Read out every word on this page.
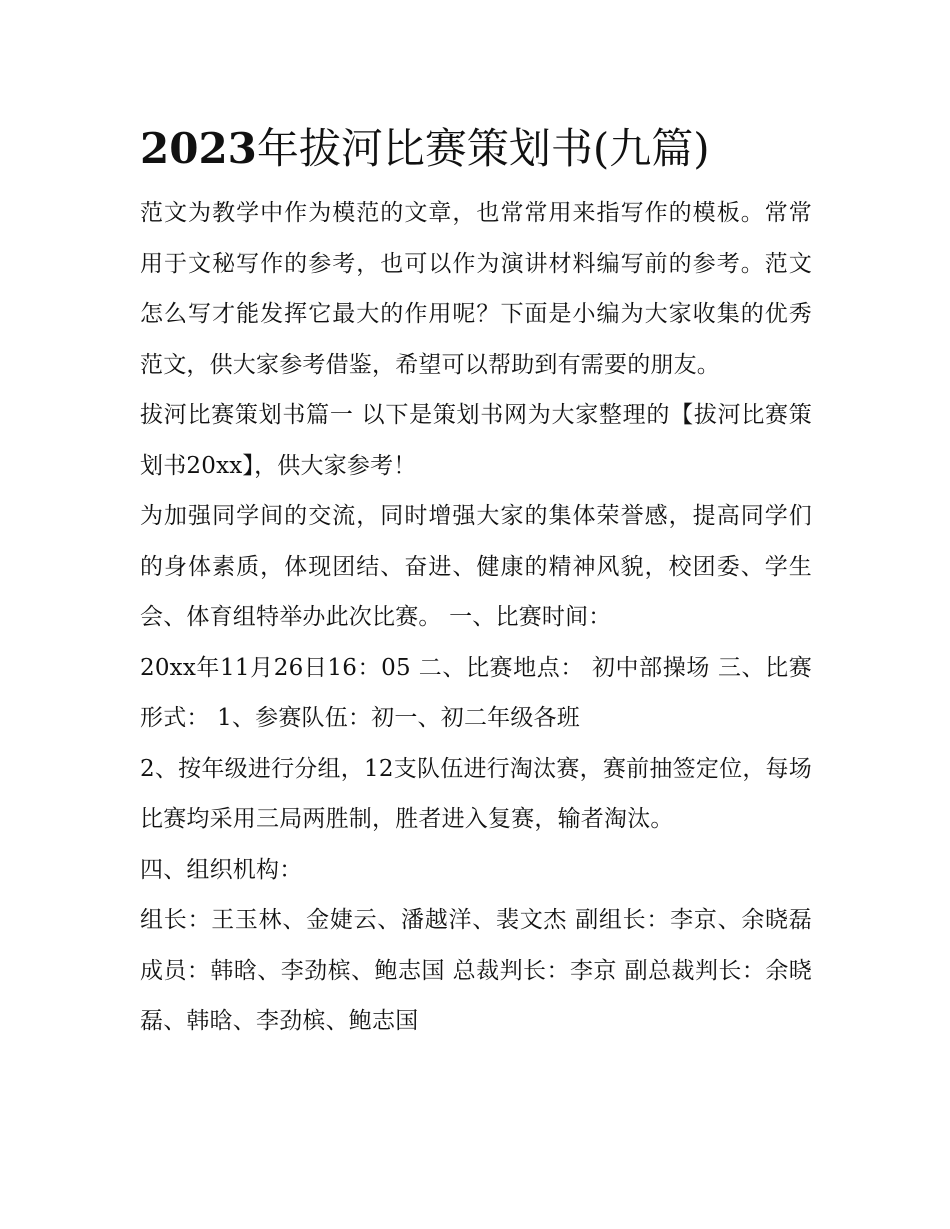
2023年拔河比赛策划书(九篇)

范文为教学中作为模范的文章，也常常用来指写作的模板。常常用于文秘写作的参考，也可以作为演讲材料编写前的参考。范文怎么写才能发挥它最大的作用呢？下面是小编为大家收集的优秀范文，供大家参考借鉴，希望可以帮助到有需要的朋友。

拔河比赛策划书篇一 以下是策划书网为大家整理的【拔河比赛策划书20xx】，供大家参考！

为加强同学间的交流，同时增强大家的集体荣誉感，提高同学们的身体素质，体现团结、奋进、健康的精神风貌，校团委、学生会、体育组特举办此次比赛。 一、比赛时间：

20xx年11月26日16：05 二、比赛地点： 初中部操场 三、比赛形式： 1、参赛队伍：初一、初二年级各班

2、按年级进行分组，12支队伍进行淘汰赛，赛前抽签定位，每场比赛均采用三局两胜制，胜者进入复赛，输者淘汰。

四、组织机构：

组长：王玉林、金婕云、潘越洋、裴文杰 副组长：李京、余晓磊 成员：韩晗、李劲槟、鲍志国 总裁判长：李京 副总裁判长：余晓磊、韩晗、李劲槟、鲍志国
